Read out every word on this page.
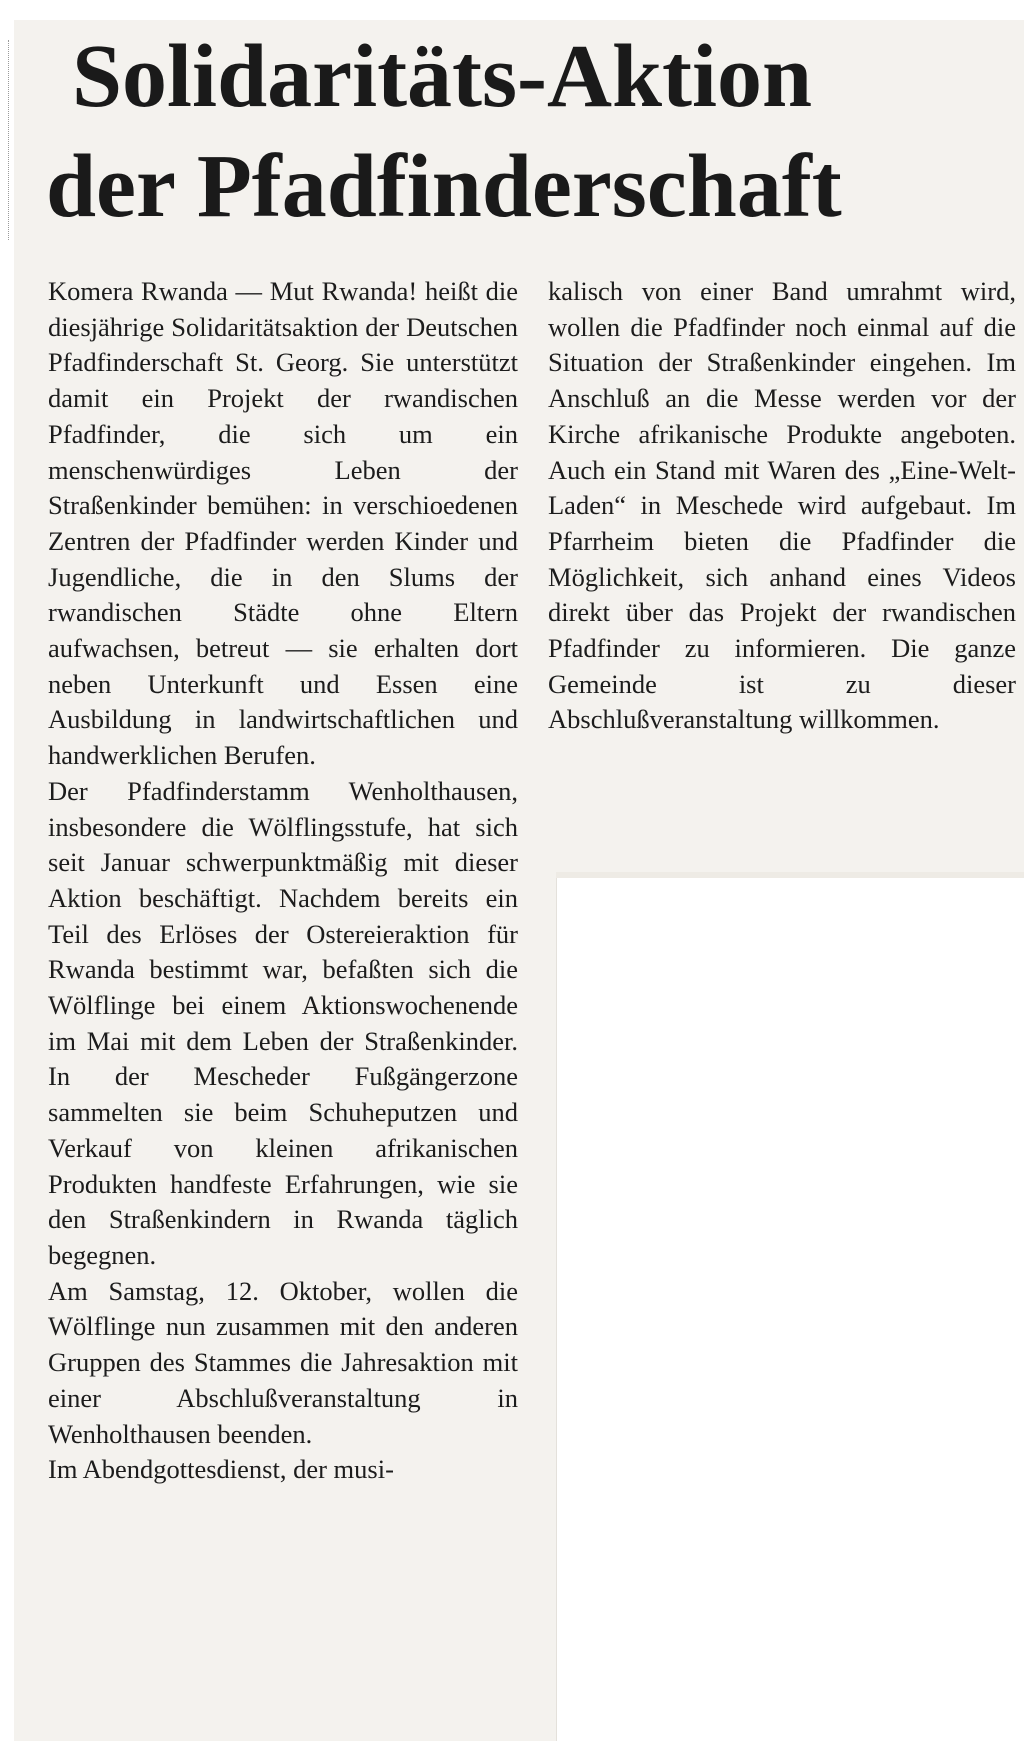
Solidaritäts-Aktion
der Pfadfinderschaft

Komera Rwanda — Mut Rwanda! heißt die diesjährige Solidaritätsaktion der Deutschen Pfadfinderschaft St. Georg. Sie unterstützt damit ein Projekt der rwandischen Pfadfinder, die sich um ein menschenwürdiges Leben der Straßenkinder bemühen: in verschioedenen Zentren der Pfadfinder werden Kinder und Jugendliche, die in den Slums der rwandischen Städte ohne Eltern aufwachsen, betreut — sie erhalten dort neben Unterkunft und Essen eine Ausbildung in landwirtschaftlichen und handwerklichen Berufen.

Der Pfadfinderstamm Wenholthausen, insbesondere die Wölflingsstufe, hat sich seit Januar schwerpunktmäßig mit dieser Aktion beschäftigt. Nachdem bereits ein Teil des Erlöses der Ostereieraktion für Rwanda bestimmt war, befaßten sich die Wölflinge bei einem Aktionswochenende im Mai mit dem Leben der Straßenkinder. In der Mescheder Fußgängerzone sammelten sie beim Schuheputzen und Verkauf von kleinen afrikanischen Produkten handfeste Erfahrungen, wie sie den Straßenkindern in Rwanda täglich begegnen.

Am Samstag, 12. Oktober, wollen die Wölflinge nun zusammen mit den anderen Gruppen des Stammes die Jahresaktion mit einer Abschlußveranstaltung in Wenholthausen beenden.

Im Abendgottesdienst, der musi-

kalisch von einer Band umrahmt wird, wollen die Pfadfinder noch einmal auf die Situation der Straßenkinder eingehen. Im Anschluß an die Messe werden vor der Kirche afrikanische Produkte angeboten. Auch ein Stand mit Waren des „Eine-Welt-Laden“ in Meschede wird aufgebaut. Im Pfarrheim bieten die Pfadfinder die Möglichkeit, sich anhand eines Videos direkt über das Projekt der rwandischen Pfadfinder zu informieren. Die ganze Gemeinde ist zu dieser Abschlußveranstaltung willkommen.
